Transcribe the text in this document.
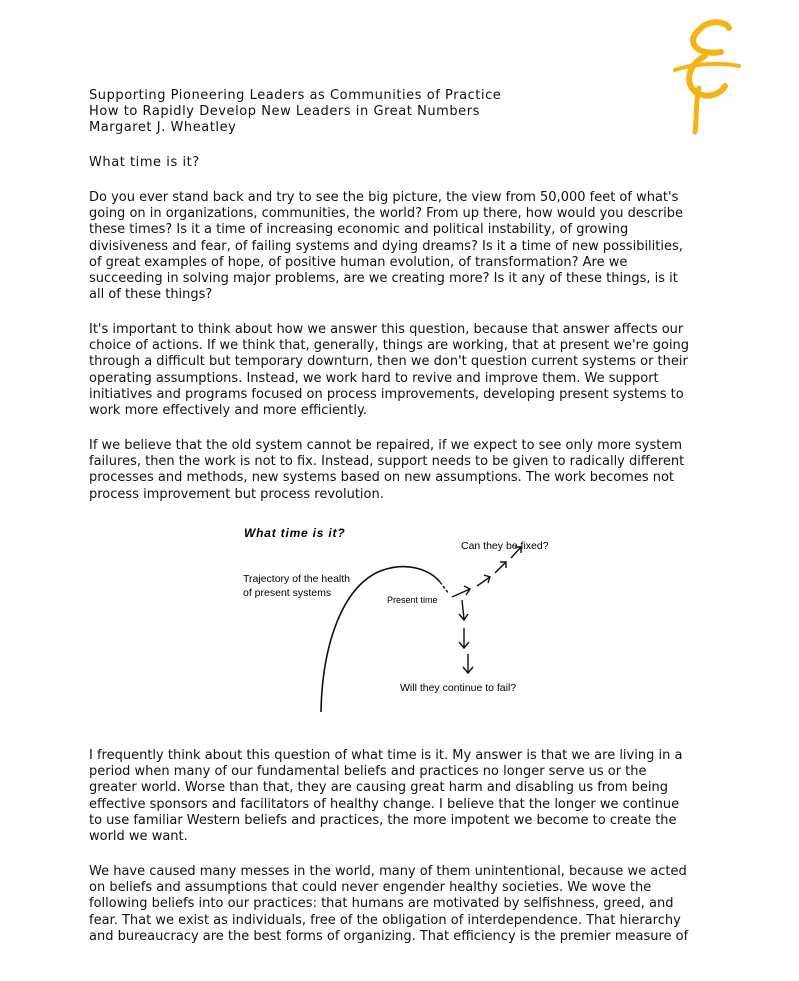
Supporting Pioneering Leaders as Communities of Practice
How to Rapidly Develop New Leaders in Great Numbers
Margaret J. Wheatley
What time is it?
Do you ever stand back and try to see the big picture, the view from 50,000 feet of what's
going on in organizations, communities, the world? From up there, how would you describe
these times? Is it a time of increasing economic and political instability, of growing
divisiveness and fear, of failing systems and dying dreams? Is it a time of new possibilities,
of great examples of hope, of positive human evolution, of transformation? Are we
succeeding in solving major problems, are we creating more? Is it any of these things, is it
all of these things?
It's important to think about how we answer this question, because that answer affects our
choice of actions. If we think that, generally, things are working, that at present we're going
through a difficult but temporary downturn, then we don't question current systems or their
operating assumptions. Instead, we work hard to revive and improve them. We support
initiatives and programs focused on process improvements, developing present systems to
work more effectively and more efficiently.
If we believe that the old system cannot be repaired, if we expect to see only more system
failures, then the work is not to fix. Instead, support needs to be given to radically different
processes and methods, new systems based on new assumptions. The work becomes not
process improvement but process revolution.
What time is it?
Can they be fixed?
Trajectory of the health
of present systems
Present time
Will they continue to fail?
I frequently think about this question of what time is it. My answer is that we are living in a
period when many of our fundamental beliefs and practices no longer serve us or the
greater world. Worse than that, they are causing great harm and disabling us from being
effective sponsors and facilitators of healthy change. I believe that the longer we continue
to use familiar Western beliefs and practices, the more impotent we become to create the
world we want.
We have caused many messes in the world, many of them unintentional, because we acted
on beliefs and assumptions that could never engender healthy societies. We wove the
following beliefs into our practices: that humans are motivated by selfishness, greed, and
fear. That we exist as individuals, free of the obligation of interdependence. That hierarchy
and bureaucracy are the best forms of organizing. That efficiency is the premier measure of
